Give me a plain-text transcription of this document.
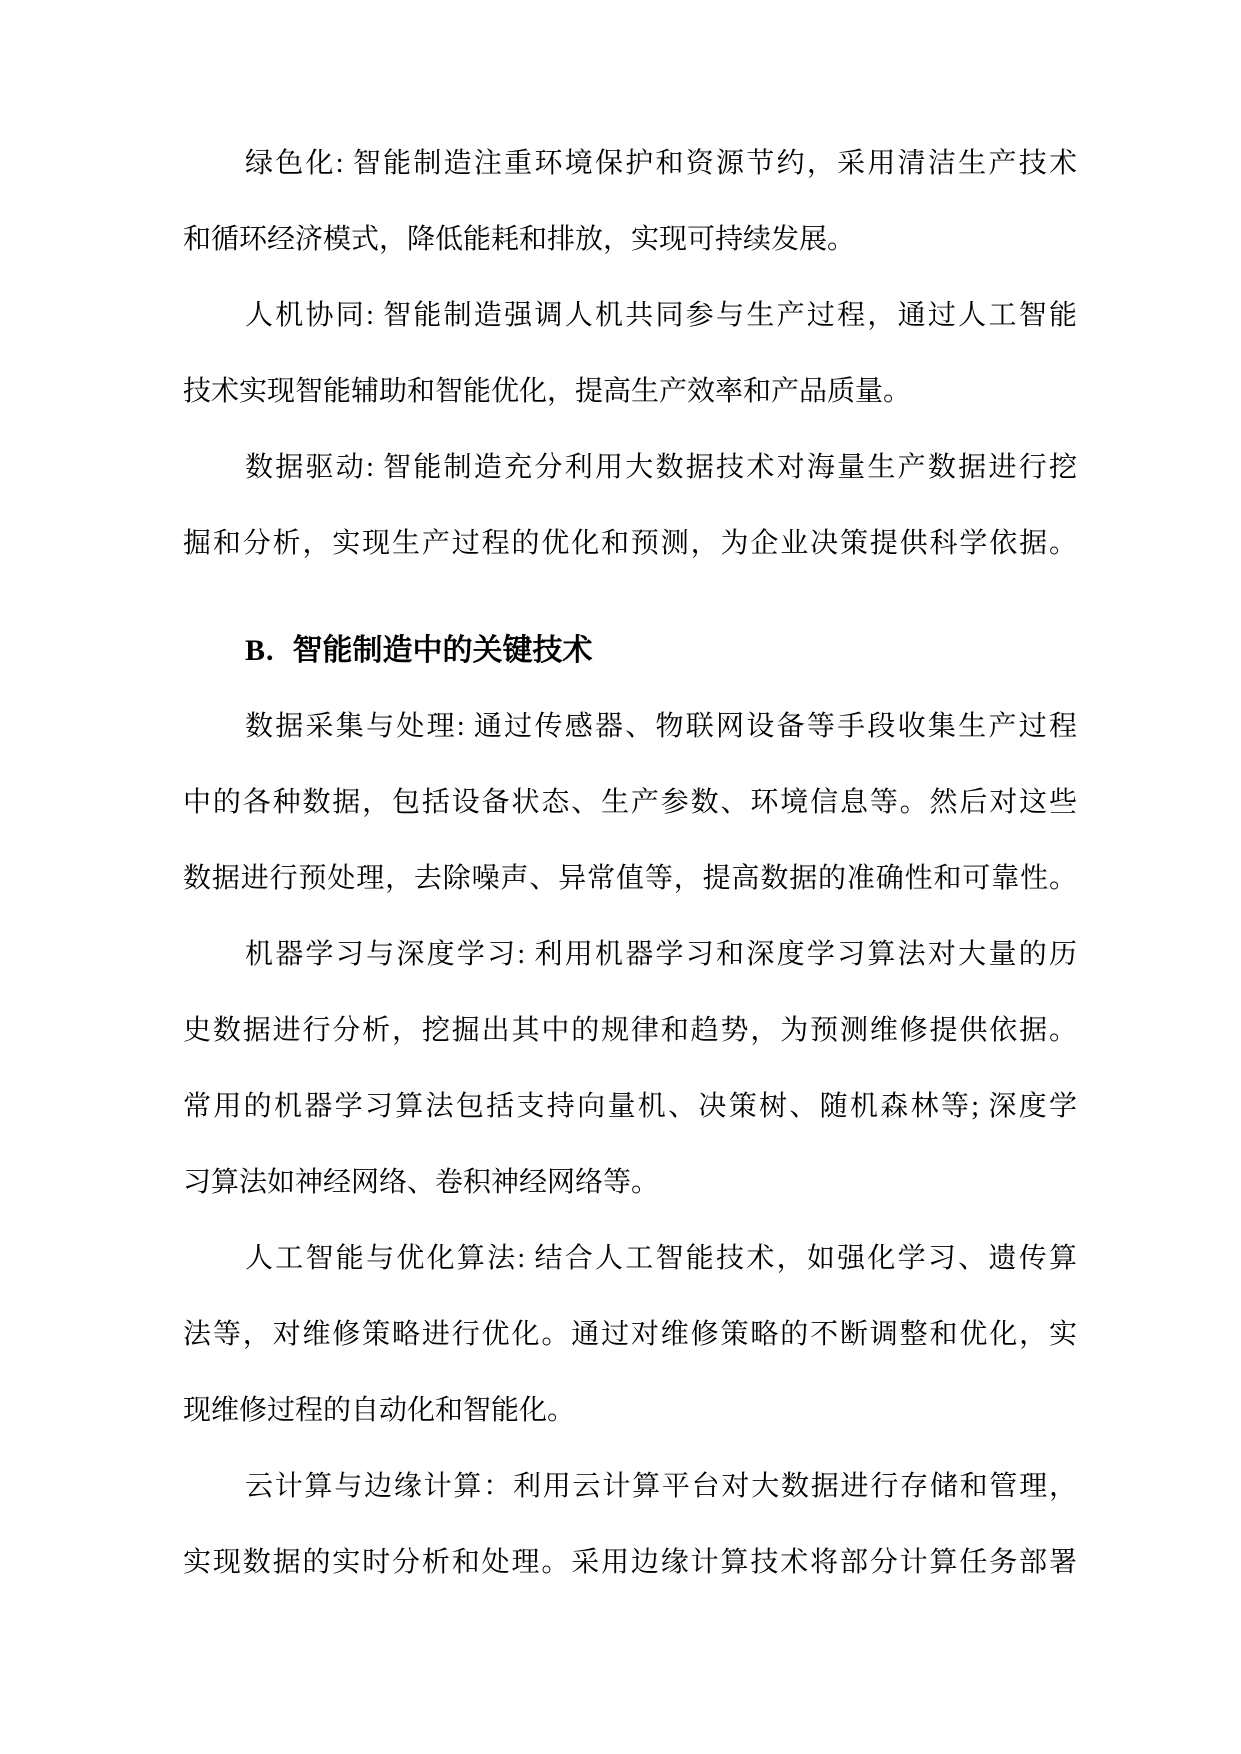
绿色化: 智能制造注重环境保护和资源节约，采用清洁生产技术
和循环经济模式，降低能耗和排放，实现可持续发展。
人机协同: 智能制造强调人机共同参与生产过程，通过人工智能
技术实现智能辅助和智能优化，提高生产效率和产品质量。
数据驱动: 智能制造充分利用大数据技术对海量生产数据进行挖
掘和分析，实现生产过程的优化和预测，为企业决策提供科学依据。
B. 智能制造中的关键技术
数据采集与处理: 通过传感器、物联网设备等手段收集生产过程
中的各种数据，包括设备状态、生产参数、环境信息等。然后对这些
数据进行预处理，去除噪声、异常值等，提高数据的准确性和可靠性。
机器学习与深度学习: 利用机器学习和深度学习算法对大量的历
史数据进行分析，挖掘出其中的规律和趋势，为预测维修提供依据。
常用的机器学习算法包括支持向量机、决策树、随机森林等; 深度学
习算法如神经网络、卷积神经网络等。
人工智能与优化算法: 结合人工智能技术，如强化学习、遗传算
法等，对维修策略进行优化。通过对维修策略的不断调整和优化，实
现维修过程的自动化和智能化。
云计算与边缘计算：利用云计算平台对大数据进行存储和管理，
实现数据的实时分析和处理。采用边缘计算技术将部分计算任务部署
